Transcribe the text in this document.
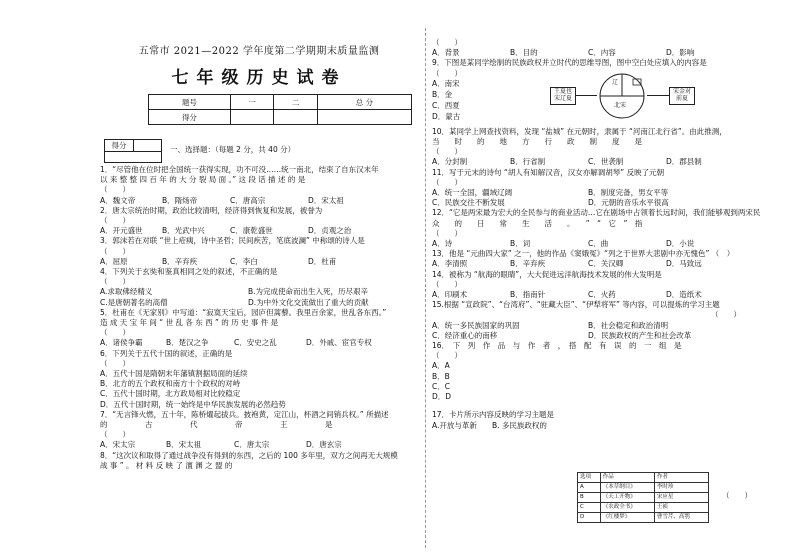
五常市 2021—2022 学年度第二学期期末质量监测
七年级历史试卷
题号	一	二	总 分
得分			
得分	一、选择题：（每题 2 分，共 40 分）
1．“尽管他在位时把全国统一获得实现，功不可没……统一南北，结束了自东汉末年
以 来 整 整 四 百 年 的 大 分 裂 局 面 。” 这 段 话 描 述 的 是
（　　）
A．魏文帝	B．隋炀帝	C．唐高宗	D．宋太祖
2．唐太宗统治时期，政治比较清明，经济得到恢复和发展，被誉为
（　　）
A．开元盛世	B．光武中兴	C．康乾盛世	D．贞观之治
3．郭沫若在对联 “世上疮痍，诗中圣哲；民间疾苦，笔底波澜” 中称颂的诗人是
（　　）
A．屈原	B．辛弃疾	C．李白	D．杜甫
4．下列关于玄奘和鉴真相同之处的叙述，不正确的是
（　　）
A.求取佛经精义	B.为完成使命而出生入死，历尽艰辛
C.是唐朝著名的高僧	D.为中外文化交流做出了重大的贡献
5．杜甫在《无家别》中写道：“寂寞天宝后，园庐但蒿藜。我里百余家，世乱各东西。”
造 成 天 宝 年 间 “ 世 乱 各 东 西 ” 的 历 史 事 件 是
（　　）
A．诸侯争霸	B．楚汉之争	C．安史之乱	D．外戚、宦官专权
6．下列关于五代十国的叙述，正确的是
（　　）
A．五代十国是隋朝末年藩镇割据局面的延续
B．北方的五个政权和南方十个政权的对峙
C．五代十国时期，北方政局相对比较稳定
D．五代十国时期，统一始终是中华民族发展的必然趋势
7．“无言锋火燃，五十年，陈桥燿起拔兵。披袍黄，定江山，杯酒之间销兵权。” 所描述
的　　　　　古　　　　　代　　　　　帝　　　　　王　　　　　是
（　　）
A．宋太宗	B．宋太祖	C．唐太宗	D．唐玄宗
8．“这次议和取得了通过战争没有得到的东西，之后的 100 多年里，双方之间再无大规模
战 事 ” 。 材 料 反 映 了 澶 渊 之 盟 的
（　　）
A．背景	B．目的	C．内容	D．影响
9．下图是某同学绘制的民族政权并立时代的思维导图，图中空白处应填入的内容是
（　　）
A．南宋
B．金
C．西夏
D．蒙古
王夏也
宋辽夏
辽
北宋
宋金对
前夏
10．某同学上网查找资料，发现 “盐城” 在元朝时，隶属于 “河南江北行省”。由此推测，
当　　时　　的　　地　　方　　行　　政　　制　　度　　是
（　　）
A．分封制	B．行省制	C．世袭制	D．郡县制
11．写于元末的诗句 “胡人有知解汉音，汉女亦解调胡琴” 反映了元朝
（　　）
A．统一全国，疆域辽阔	B．制度完备，男女平等
C．民族交往不断发展	D．元朝的音乐水平很高
12．“它是两宋最为宏大的全民参与的商业活动…它在剧场中占领着长远时间，我们能够观到两宋民
众　　的　　日　　常　　生　　活　　。　　”　“　它　”　指
（　　）
A．诗	B．词	C．曲	D．小说
13．他是 “元曲四大家” 之一，他的作品《窦娥冤》“列之于世界大悲剧中亦无愧色” （　）
A．李清照	B．辛弃疾	C．关汉卿	D．马致远
14．被称为 “航海的眼睛”，大大促进远洋航海技术发展的伟大发明是
（　　）
A．印刷术	B．指南针	C．火药	D．造纸术
15.根据 “宣政院”、“台湾府”、“驻藏大臣”、“伊犁将军” 等内容，可以提炼的学习主题
（　　）
A．统一多民族国家的巩固	B．社会稳定和政治清明
C．经济重心的南移	D．民族政权的产生和社会改革
16．　下　列　作　品　与　作　者　，　搭　配　有　误　的　一　组　是
（　　）
A．A
B．B
C．C
D．D
17．卡片所示内容反映的学习主题是
A.开放与革新	B. 多民族政权的
（　　）
选项	作品	作者
A	《本草纲目》	李时珍
B	《天工开物》	宋应星
C	《农政全书》	王祯
D	《红楼梦》	曹雪芹、高鹗
